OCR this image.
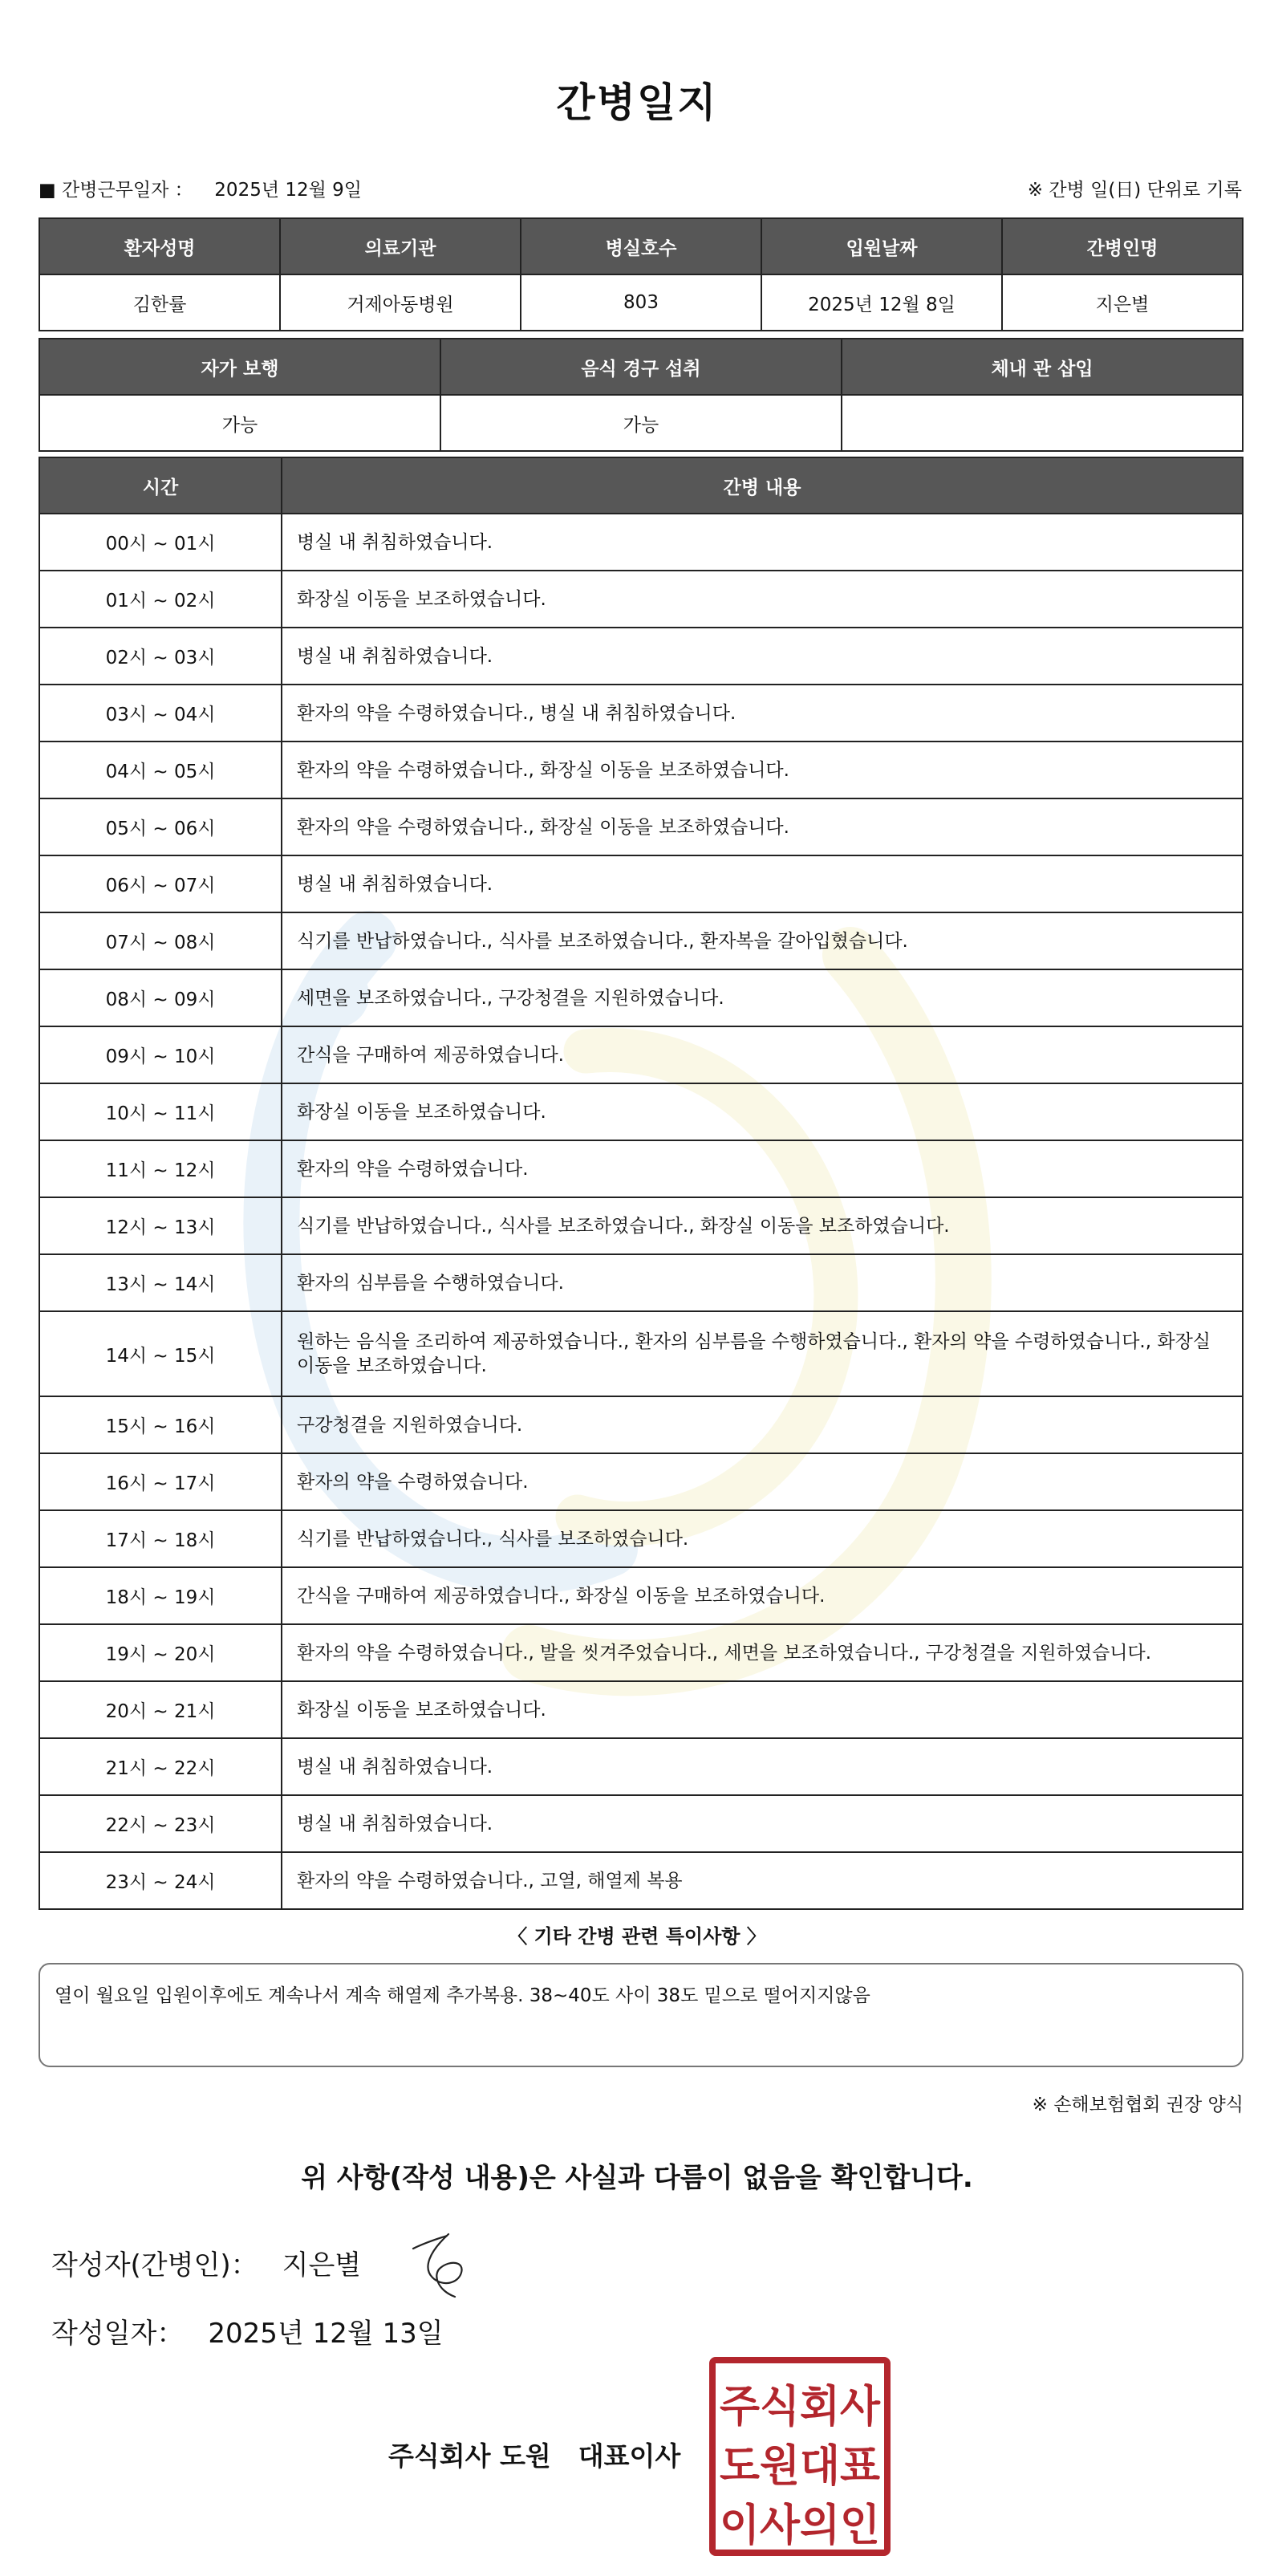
간병일지
■ 간병근무일자 ： 2025년 12월 9일	※ 간병 일(日) 단위로 기록
환자성명	의료기관	병실호수	입원날짜	간병인명
김한률	거제아동병원	803	2025년 12월 8일	지은별
자가 보행	음식 경구 섭취	체내 관 삽입
가능	가능	
시간	간병 내용
00시 ~ 01시	병실 내 취침하였습니다.
01시 ~ 02시	화장실 이동을 보조하였습니다.
02시 ~ 03시	병실 내 취침하였습니다.
03시 ~ 04시	환자의 약을 수령하였습니다., 병실 내 취침하였습니다.
04시 ~ 05시	환자의 약을 수령하였습니다., 화장실 이동을 보조하였습니다.
05시 ~ 06시	환자의 약을 수령하였습니다., 화장실 이동을 보조하였습니다.
06시 ~ 07시	병실 내 취침하였습니다.
07시 ~ 08시	식기를 반납하였습니다., 식사를 보조하였습니다., 환자복을 갈아입혔습니다.
08시 ~ 09시	세면을 보조하였습니다., 구강청결을 지원하였습니다.
09시 ~ 10시	간식을 구매하여 제공하였습니다.
10시 ~ 11시	화장실 이동을 보조하였습니다.
11시 ~ 12시	환자의 약을 수령하였습니다.
12시 ~ 13시	식기를 반납하였습니다., 식사를 보조하였습니다., 화장실 이동을 보조하였습니다.
13시 ~ 14시	환자의 심부름을 수행하였습니다.
14시 ~ 15시	원하는 음식을 조리하여 제공하였습니다., 환자의 심부름을 수행하였습니다., 환자의 약을 수령하였습니다., 화장실 이동을 보조하였습니다.
15시 ~ 16시	구강청결을 지원하였습니다.
16시 ~ 17시	환자의 약을 수령하였습니다.
17시 ~ 18시	식기를 반납하였습니다., 식사를 보조하였습니다.
18시 ~ 19시	간식을 구매하여 제공하였습니다., 화장실 이동을 보조하였습니다.
19시 ~ 20시	환자의 약을 수령하였습니다., 발을 씻겨주었습니다., 세면을 보조하였습니다., 구강청결을 지원하였습니다.
20시 ~ 21시	화장실 이동을 보조하였습니다.
21시 ~ 22시	병실 내 취침하였습니다.
22시 ~ 23시	병실 내 취침하였습니다.
23시 ~ 24시	환자의 약을 수령하였습니다., 고열, 해열제 복용
〈 기타 간병 관련 특이사항 〉
열이 월요일 입원이후에도 계속나서 계속 해열제 추가복용. 38~40도 사이 38도 밑으로 떨어지지않음
※ 손해보험협회 권장 양식
위 사항(작성 내용)은 사실과 다름이 없음을 확인합니다.
작성자(간병인)： 지은별
작성일자： 2025년 12월 13일
주식회사 도원 대표이사
주식회사
도원대표
이사의인
